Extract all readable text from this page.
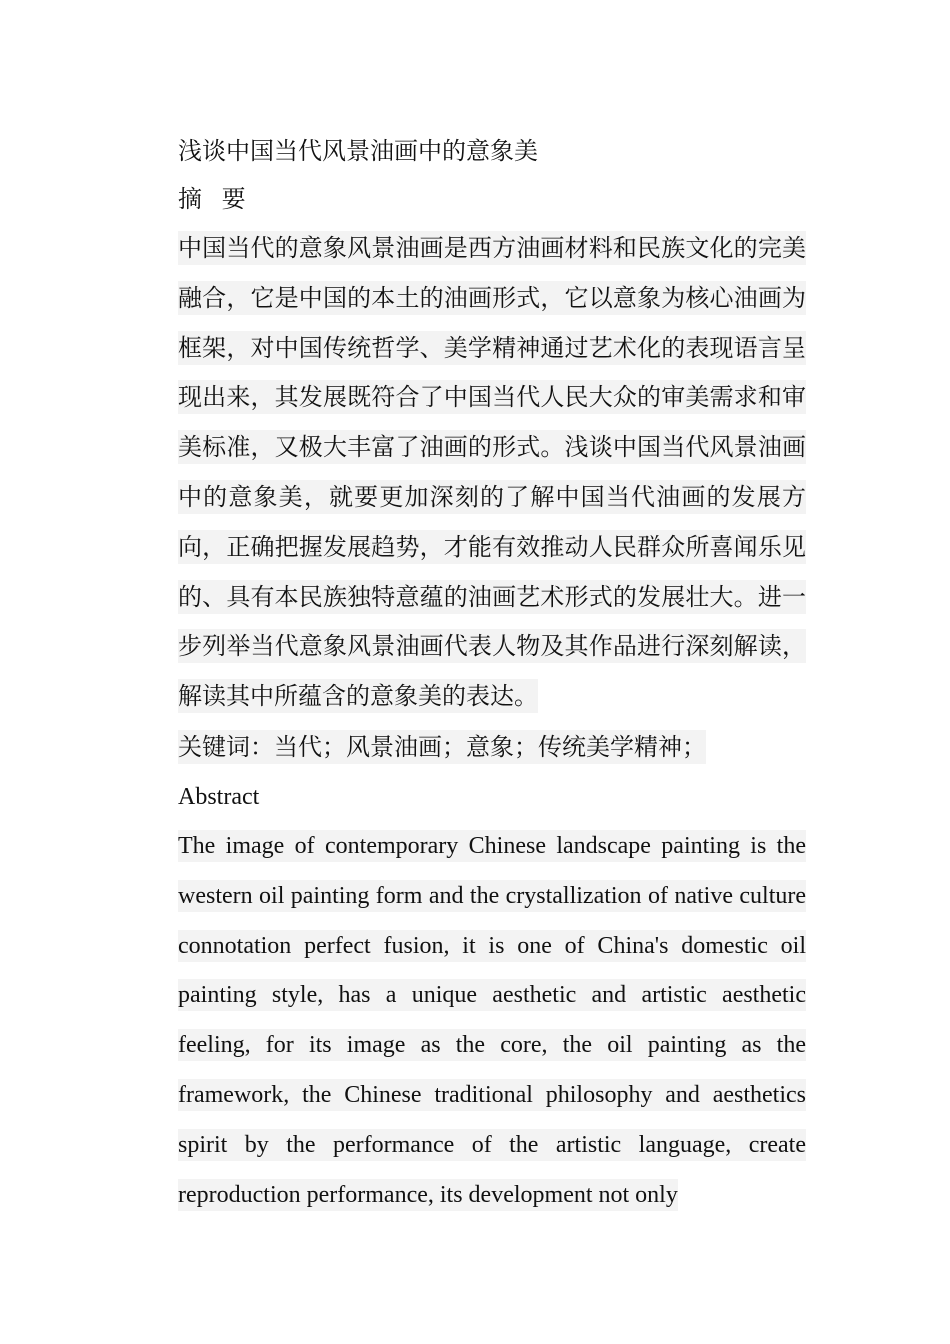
浅谈中国当代风景油画中的意象美
摘 要

中国当代的意象风景油画是西方油画材料和民族文化的完美融合，它是中国的本土的油画形式，它以意象为核心油画为框架，对中国传统哲学、美学精神通过艺术化的表现语言呈现出来，其发展既符合了中国当代人民大众的审美需求和审美标准，又极大丰富了油画的形式。浅谈中国当代风景油画中的意象美，就要更加深刻的了解中国当代油画的发展方向，正确把握发展趋势，才能有效推动人民群众所喜闻乐见的、具有本民族独特意蕴的油画艺术形式的发展壮大。进一步列举当代意象风景油画代表人物及其作品进行深刻解读，解读其中所蕴含的意象美的表达。

关键词：当代；风景油画；意象；传统美学精神；

Abstract

The image of contemporary Chinese landscape painting is the western oil painting form and the crystallization of native culture connotation perfect fusion, it is one of China's domestic oil painting style, has a unique aesthetic and artistic aesthetic feeling, for its image as the core, the oil painting as the framework, the Chinese traditional philosophy and aesthetics spirit by the performance of the artistic language, create reproduction performance, its development not only
